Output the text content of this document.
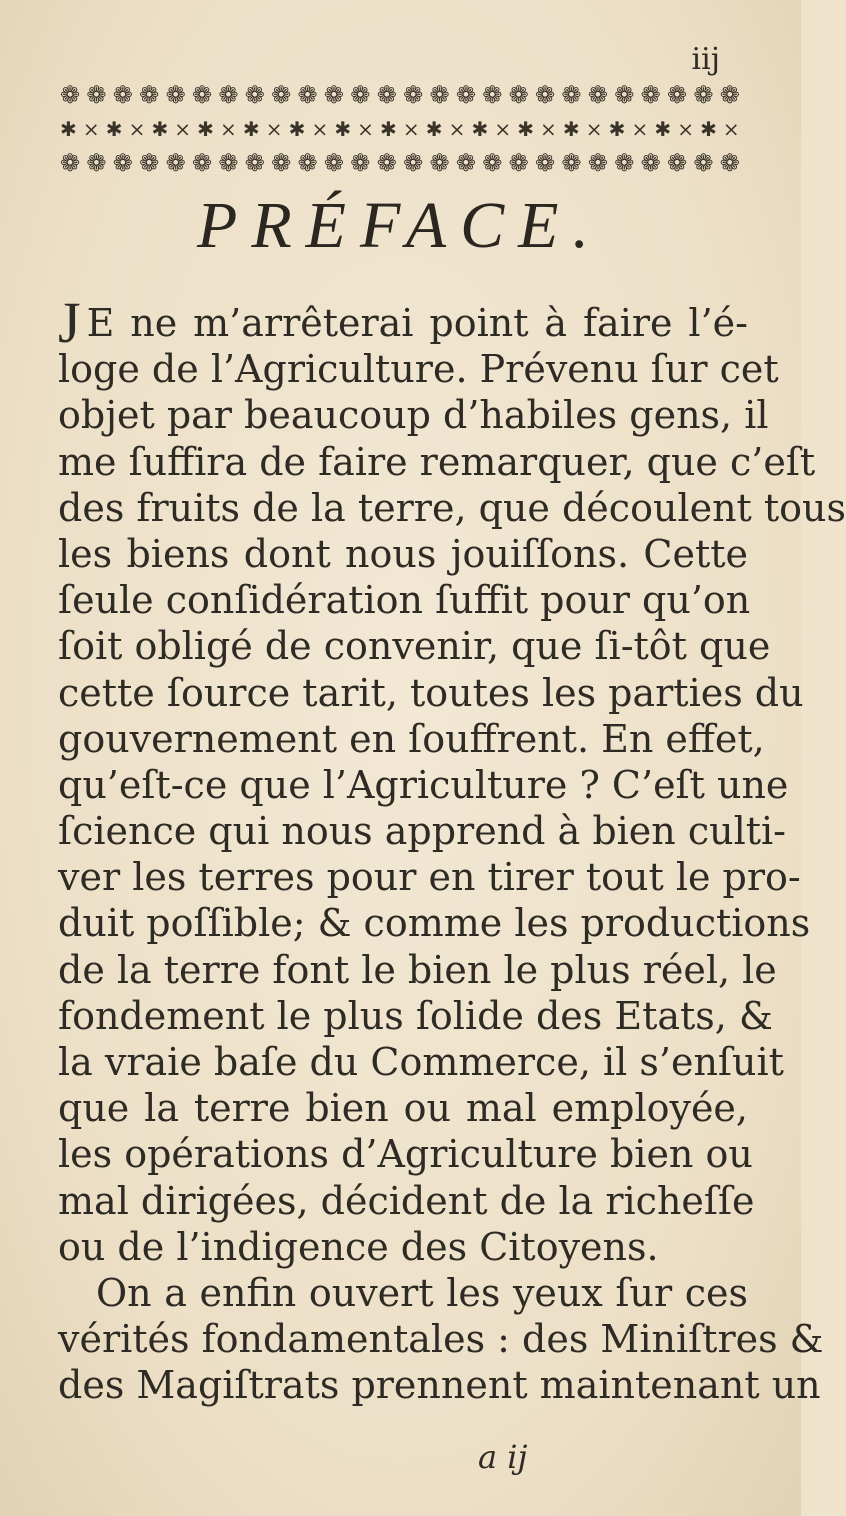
iij
❁ ❁ ❁ ❁ ❁ ❁ ❁ ❁ ❁ ❁ ❁ ❁ ❁ ❁ ❁ ❁ ❁ ❁ ❁ ❁ ❁ ❁ ❁ ❁ ❁ ❁
✱ × ✱ × ✱ × ✱ × ✱ × ✱ × ✱ × ✱ × ✱ × ✱ × ✱ × ✱ × ✱ × ✱ × ✱ ×
❁ ❁ ❁ ❁ ❁ ❁ ❁ ❁ ❁ ❁ ❁ ❁ ❁ ❁ ❁ ❁ ❁ ❁ ❁ ❁ ❁ ❁ ❁ ❁ ❁ ❁
PRÉFACE.
J E ne m’arrêterai point à faire l’é-
loge de l’Agriculture. Prévenu ſur cet
objet par beaucoup d’habiles gens, il
me ſuffira de faire remarquer, que c’eſt
des fruits de la terre, que découlent tous
les biens dont nous jouiſſons. Cette
ſeule conſidération ſuffit pour qu’on
ſoit obligé de convenir, que ſi-tôt que
cette ſource tarit, toutes les parties du
gouvernement en ſouffrent. En effet,
qu’eſt-ce que l’Agriculture ? C’eſt une
ſcience qui nous apprend à bien culti-
ver les terres pour en tirer tout le pro-
duit poſſible; & comme les productions
de la terre font le bien le plus réel, le
fondement le plus ſolide des Etats, &
la vraie baſe du Commerce, il s’enſuit
que la terre bien ou mal employée,
les opérations d’Agriculture bien ou
mal dirigées, décident de la richeſſe
ou de l’indigence des Citoyens.
On a enfin ouvert les yeux ſur ces
vérités fondamentales : des Miniſtres &
des Magiſtrats prennent maintenant un
a ij
